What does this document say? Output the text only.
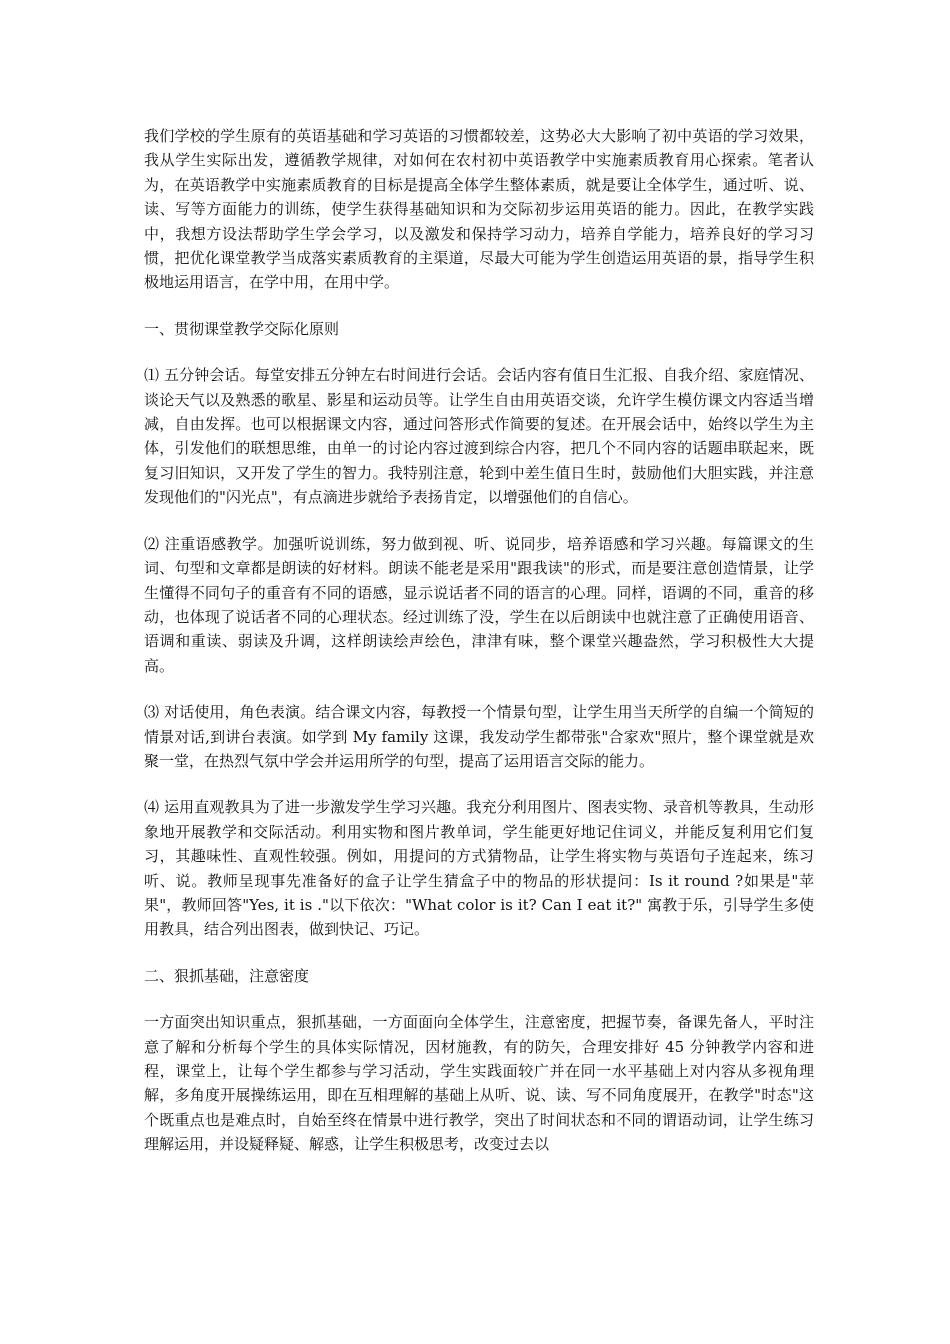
我们学校的学生原有的英语基础和学习英语的习惯都较差，这势必大大影响了初中英语的学习效果，我从学生实际出发，遵循教学规律，对如何在农村初中英语教学中实施素质教育用心探索。笔者认为，在英语教学中实施素质教育的目标是提高全体学生整体素质，就是要让全体学生，通过听、说、读、写等方面能力的训练，使学生获得基础知识和为交际初步运用英语的能力。因此，在教学实践中，我想方设法帮助学生学会学习，以及激发和保持学习动力，培养自学能力，培养良好的学习习惯，把优化课堂教学当成落实素质教育的主渠道，尽最大可能为学生创造运用英语的景，指导学生积极地运用语言，在学中用，在用中学。

一、贯彻课堂教学交际化原则

⑴ 五分钟会话。每堂安排五分钟左右时间进行会话。会话内容有值日生汇报、自我介绍、家庭情况、谈论天气以及熟悉的歌星、影星和运动员等。让学生自由用英语交谈，允许学生模仿课文内容适当增减，自由发挥。也可以根据课文内容，通过问答形式作简要的复述。在开展会话中，始终以学生为主体，引发他们的联想思维，由单一的讨论内容过渡到综合内容，把几个不同内容的话题串联起来，既复习旧知识，又开发了学生的智力。我特别注意，轮到中差生值日生时，鼓励他们大胆实践，并注意发现他们的"闪光点"，有点滴进步就给予表扬肯定，以增强他们的自信心。

⑵ 注重语感教学。加强听说训练，努力做到视、听、说同步，培养语感和学习兴趣。每篇课文的生词、句型和文章都是朗读的好材料。朗读不能老是采用"跟我读"的形式，而是要注意创造情景，让学生懂得不同句子的重音有不同的语感，显示说话者不同的语言的心理。同样，语调的不同，重音的移动，也体现了说话者不同的心理状态。经过训练了没，学生在以后朗读中也就注意了正确使用语音、语调和重读、弱读及升调，这样朗读绘声绘色，津津有味，整个课堂兴趣盎然，学习积极性大大提高。

⑶ 对话使用，角色表演。结合课文内容，每教授一个情景句型，让学生用当天所学的自编一个简短的情景对话,到讲台表演。如学到 My family 这课，我发动学生都带张"合家欢"照片，整个课堂就是欢聚一堂，在热烈气氛中学会并运用所学的句型，提高了运用语言交际的能力。

⑷ 运用直观教具为了进一步激发学生学习兴趣。我充分利用图片、图表实物、录音机等教具，生动形象地开展教学和交际活动。利用实物和图片教单词，学生能更好地记住词义，并能反复利用它们复习，其趣味性、直观性较强。例如，用提问的方式猜物品，让学生将实物与英语句子连起来，练习听、说。教师呈现事先准备好的盒子让学生猜盒子中的物品的形状提问：Is it round ?如果是"苹果"，教师回答"Yes, it is ."以下依次："What color is it? Can I eat it?" 寓教于乐，引导学生多使用教具，结合列出图表，做到快记、巧记。

二、狠抓基础，注意密度

一方面突出知识重点，狠抓基础，一方面面向全体学生，注意密度，把握节奏，备课先备人，平时注意了解和分析每个学生的具体实际情况，因材施教，有的防矢，合理安排好 45 分钟教学内容和进程，课堂上，让每个学生都参与学习活动，学生实践面较广并在同一水平基础上对内容从多视角理解，多角度开展操练运用，即在互相理解的基础上从听、说、读、写不同角度展开，在教学"时态"这个既重点也是难点时，自始至终在情景中进行教学，突出了时间状态和不同的谓语动词，让学生练习理解运用，并设疑释疑、解惑，让学生积极思考，改变过去以
